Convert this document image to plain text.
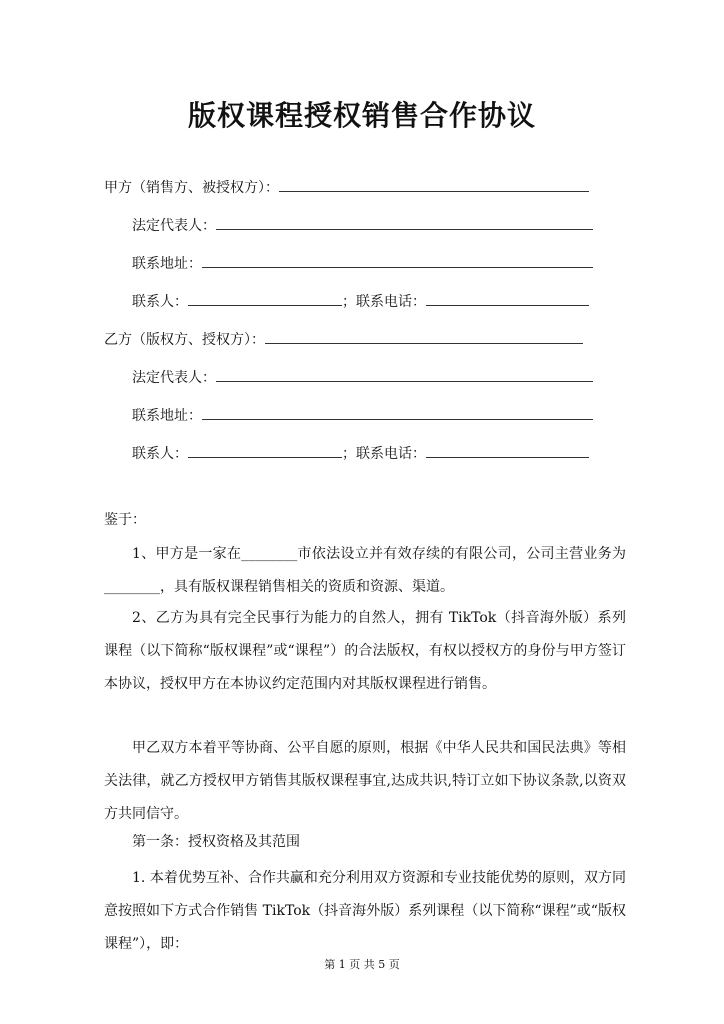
版权课程授权销售合作协议
甲方（销售方、被授权方）：
法定代表人：
联系地址：
联系人：	；联系电话：
乙方（版权方、授权方）：
法定代表人：
联系地址：
联系人：	；联系电话：
鉴于：
1、甲方是一家在________市依法设立并有效存续的有限公司，公司主营业务为________，具有版权课程销售相关的资质和资源、渠道。
2、乙方为具有完全民事行为能力的自然人，拥有 TikTok（抖音海外版）系列课程（以下简称“版权课程”或“课程”）的合法版权，有权以授权方的身份与甲方签订本协议，授权甲方在本协议约定范围内对其版权课程进行销售。
甲乙双方本着平等协商、公平自愿的原则，根据《中华人民共和国民法典》等相关法律，就乙方授权甲方销售其版权课程事宜,达成共识,特订立如下协议条款,以资双方共同信守。
第一条：授权资格及其范围
1. 本着优势互补、合作共赢和充分利用双方资源和专业技能优势的原则，双方同意按照如下方式合作销售 TikTok（抖音海外版）系列课程（以下简称“课程”或“版权课程”），即：
第 1 页 共 5 页
